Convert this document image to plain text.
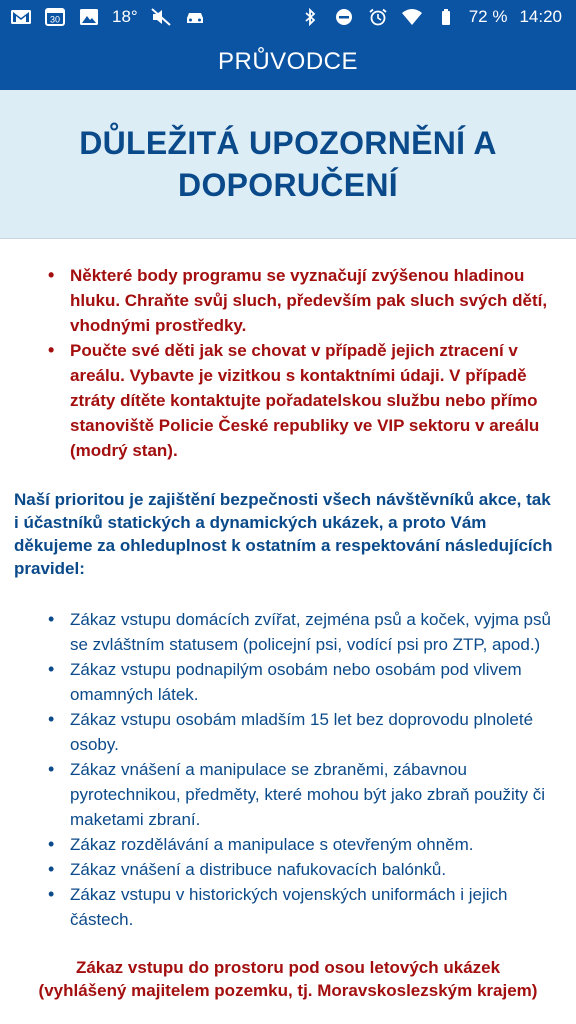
30	18°	72 % 14:20
PRŮVODCE
DŮLEŽITÁ UPOZORNĚNÍ A DOPORUČENÍ
• Některé body programu se vyznačují zvýšenou hladinou hluku. Chraňte svůj sluch, především pak sluch svých dětí, vhodnými prostředky.
• Poučte své děti jak se chovat v případě jejich ztracení v areálu. Vybavte je vizitkou s kontaktními údaji. V případě ztráty dítěte kontaktujte pořadatelskou službu nebo přímo stanoviště Policie České republiky ve VIP sektoru v areálu (modrý stan).

Naší prioritou je zajištění bezpečnosti všech návštěvníků akce, tak i účastníků statických a dynamických ukázek, a proto Vám děkujeme za ohleduplnost k ostatním a respektování následujících pravidel:

• Zákaz vstupu domácích zvířat, zejména psů a koček, vyjma psů se zvláštním statusem (policejní psi, vodící psi pro ZTP, apod.)
• Zákaz vstupu podnapilým osobám nebo osobám pod vlivem omamných látek.
• Zákaz vstupu osobám mladším 15 let bez doprovodu plnoleté osoby.
• Zákaz vnášení a manipulace se zbraněmi, zábavnou pyrotechnikou, předměty, které mohou být jako zbraň použity či maketami zbraní.
• Zákaz rozdělávání a manipulace s otevřeným ohněm.
• Zákaz vnášení a distribuce nafukovacích balónků.
• Zákaz vstupu v historických vojenských uniformách i jejich částech.

Zákaz vstupu do prostoru pod osou letových ukázek (vyhlášený majitelem pozemku, tj. Moravskoslezským krajem)
